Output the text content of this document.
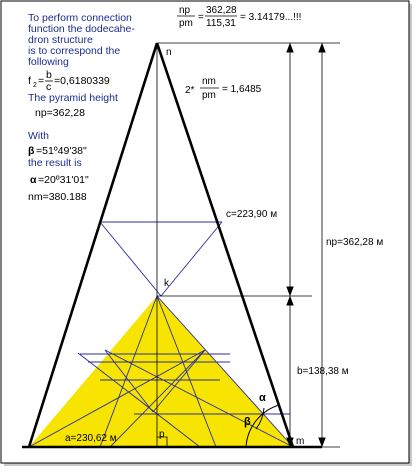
To perform connection
function the dodecahe-
dron structure
is to correspond the
following
f 2 = b
c =0,6180339
The pyramid height
np=362,28
With
β =51º49'38"
the result is
α =20º31'01"
nm=380.188
np
pm
=
362,28
115,31
= 3.14179...!!!
2*
nm
pm
= 1,6485
n
k
p
m
α
β
c=223,90 м
np=362,28 м
b=138,38 м
a=230,62 м
